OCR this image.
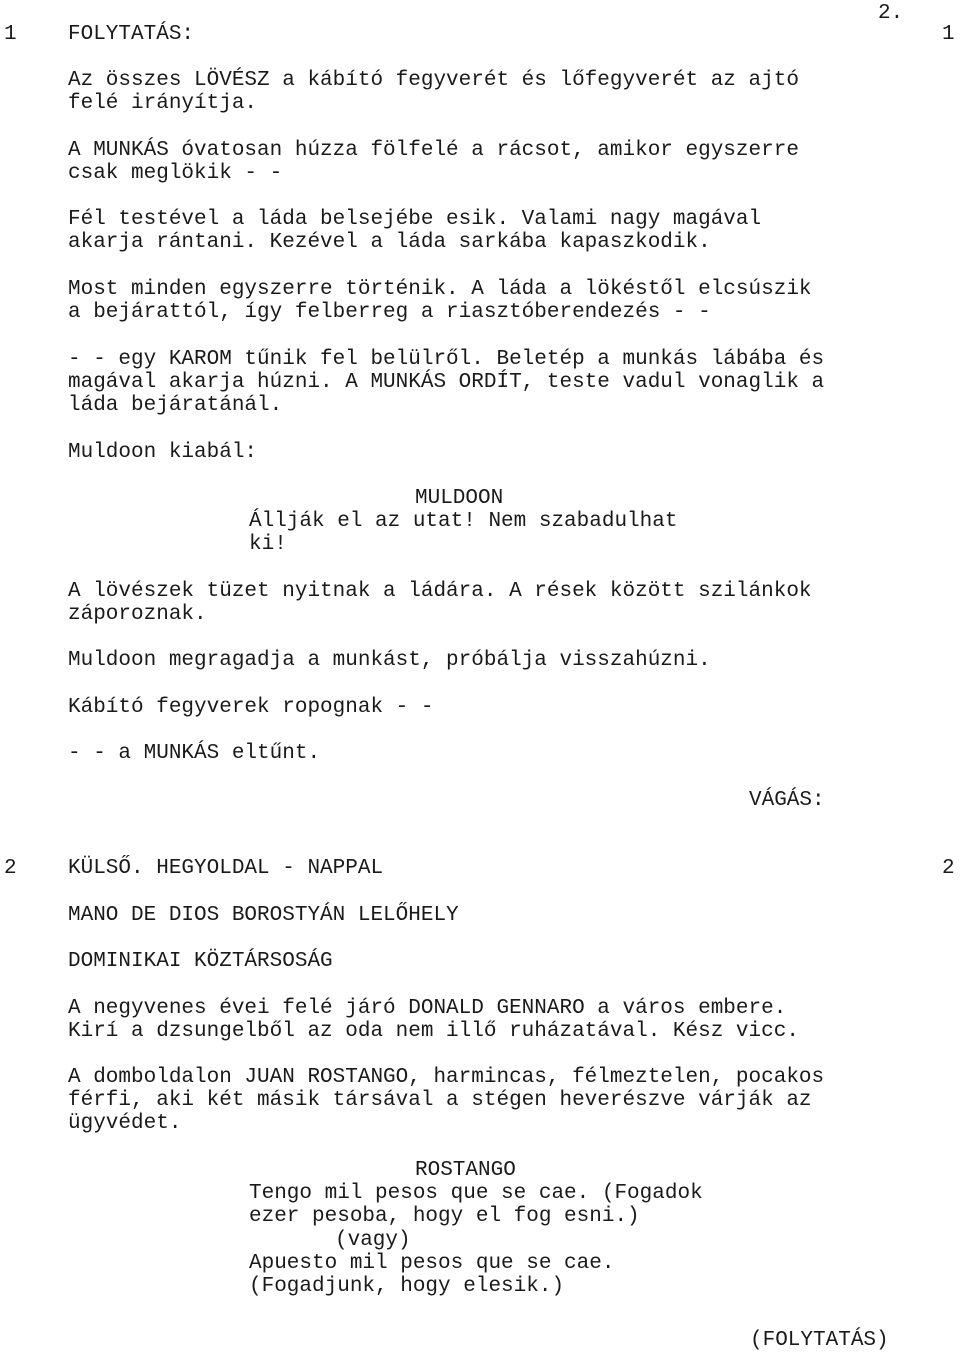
2.

1 FOLYTATÁS:	1

Az összes LÖVÉSZ a kábító fegyverét és lőfegyverét az ajtó
felé irányítja.

A MUNKÁS óvatosan húzza fölfelé a rácsot, amikor egyszerre
csak meglökik - -

Fél testével a láda belsejébe esik. Valami nagy magával
akarja rántani. Kezével a láda sarkába kapaszkodik.

Most minden egyszerre történik. A láda a lökéstől elcsúszik
a bejárattól, így felberreg a riasztóberendezés - -

- - egy KAROM tűnik fel belülről. Beletép a munkás lábába és
magával akarja húzni. A MUNKÁS ORDÍT, teste vadul vonaglik a
láda bejáratánál.

Muldoon kiabál:

MULDOON

Állják el az utat! Nem szabadulhat
ki!

A lövészek tüzet nyitnak a ládára. A rések között szilánkok
záporoznak.

Muldoon megragadja a munkást, próbálja visszahúzni.

Kábító fegyverek ropognak - -

- - a MUNKÁS eltűnt.

VÁGÁS:

2 KÜLSŐ. HEGYOLDAL - NAPPAL	2

MANO DE DIOS BOROSTYÁN LELŐHELY

DOMINIKAI KÖZTÁRSOSÁG

A negyvenes évei felé járó DONALD GENNARO a város embere.
Kirí a dzsungelből az oda nem illő ruházatával. Kész vicc.

A domboldalon JUAN ROSTANGO, harmincas, félmeztelen, pocakos
férfi, aki két másik társával a stégen heverészve várják az
ügyvédet.

ROSTANGO

Tengo mil pesos que se cae. (Fogadok
ezer pesoba, hogy el fog esni.)

(vagy)

Apuesto mil pesos que se cae.
(Fogadjunk, hogy elesik.)

(FOLYTATÁS)
